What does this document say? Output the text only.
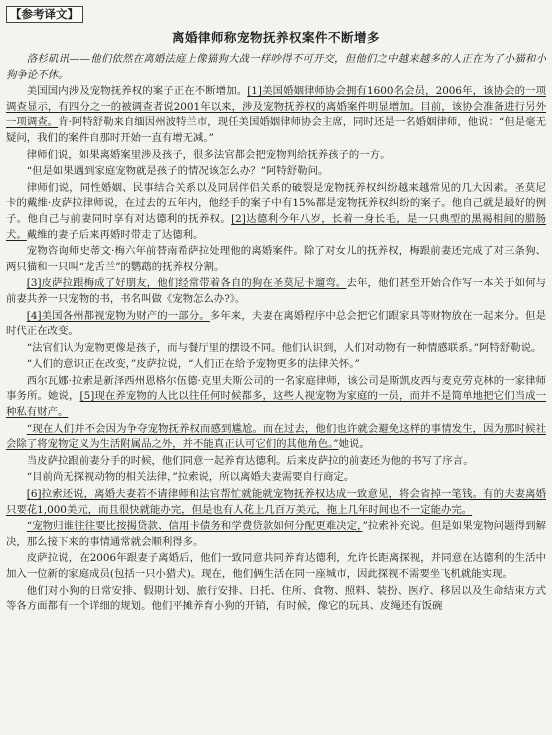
【参考译文】
离婚律师称宠物抚养权案件不断增多
洛杉矶讯——他们依然在离婚法庭上像猫狗大战一样吵得不可开交，但他们之中越来越多的人正在为了小猫和小狗争论不休。
美国国内涉及宠物抚养权的案子正在不断增加。[1]美国婚姻律师协会拥有1600名会员，2006年，该协会的一项调查显示，有四分之一的被调查者说2001年以来，涉及宠物抚养权的离婚案件明显增加。目前，该协会准备进行另外一项调查。肯·阿特舒勒来自缅因州波特兰市，现任美国婚姻律师协会主席，同时还是一名婚姻律师，他说：“但是毫无疑问，我们的案件自那时开始一直有增无减。”
律师们说，如果离婚案里涉及孩子，很多法官都会把宠物判给抚养孩子的一方。
“但是如果遇到家庭宠物就是孩子的情况该怎么办？”阿特舒勒问。
律师们说，同性婚姻、民事结合关系以及同居伴侣关系的破裂是宠物抚养权纠纷越来越常见的几大因素。圣莫尼卡的戴维·皮萨拉律师说，在过去的五年内，他经手的案子中有15%都是宠物抚养权纠纷的案子。他自己就是最好的例子。他自己与前妻同时享有对达德利的抚养权。[2]达德利今年八岁，长着一身长毛，是一只典型的黑褐相间的腊肠犬。戴维的妻子后来再婚时带走了达德利。
宠物咨询师史蒂文·梅六年前替南希萨拉处理他的离婚案件。除了对女儿的抚养权，梅跟前妻还完成了对三条狗、两只猫和一只叫“龙舌兰”的鹦鹉的抚养权分割。
[3]皮萨拉跟梅成了好朋友，他们经常带着各自的狗在圣莫尼卡遛弯。去年，他们甚至开始合作写一本关于如何与前妻共养一只宠物的书，书名叫做《宠物怎么办?》。
[4]美国各州都视宠物为财产的一部分。多年来，夫妻在离婚程序中总会把它们跟家具等财物放在一起来分。但是时代正在改变。
“法官们认为宠物更像是孩子，而与餐厅里的摆设不同。他们认识到，人们对动物有一种情感联系。”阿特舒勒说。
“人们的意识正在改变，”皮萨拉说，“人们正在给予宠物更多的法律关怀。”
西尔瓦娜·拉索是新泽西州恩格尔伍德·克里夫斯公司的一名家庭律师，该公司是斯凯皮西与麦克劳克林的一家律师事务所。她说，[5]现在养宠物的人比以往任何时候都多，这些人视宠物为家庭的一员，而并不是简单地把它们当成一种私有财产。
“现在人们并不会因为争夺宠物抚养权而感到尴尬。而在过去，他们也许就会避免这样的事情发生，因为那时候社会除了将宠物定义为生活附属品之外，并不能真正认可它们的其他角色。”她说。
当皮萨拉跟前妻分手的时候，他们同意一起养育达德利。后来皮萨拉的前妻还为他的书写了序言。
“目前尚无探视动物的相关法律，”拉索说，所以离婚夫妻需要自行商定。
[6]拉索还说，离婚夫妻若不请律师和法官帮忙就能就宠物抚养权达成一致意见，将会省掉一笔钱。有的夫妻离婚只要花1,000美元，而且很快就能办完，但是也有人花上几百万美元，拖上几年时间也不一定能办完。
“宠物归谁往往要比按揭贷款、信用卡债务和学费贷款如何分配更难决定，”拉索补充说。但是如果宠物问题得到解决，那么接下来的事情通常就会顺利得多。
皮萨拉说，在2006年跟妻子离婚后，他们一致同意共同养育达德利，允许长距离探视，并同意在达德利的生活中加入一位新的家庭成员(包括一只小猎犬)。现在，他们俩生活在同一座城市，因此探视不需要坐飞机就能实现。
他们对小狗的日常安排、假期计划、旅行安排、日托、住所、食物、照料、装扮、医疗、移居以及生命结束方式等各方面都有一个详细的规划。他们平摊养育小狗的开销，有时候，像它的玩具、皮绳还有饭碗
